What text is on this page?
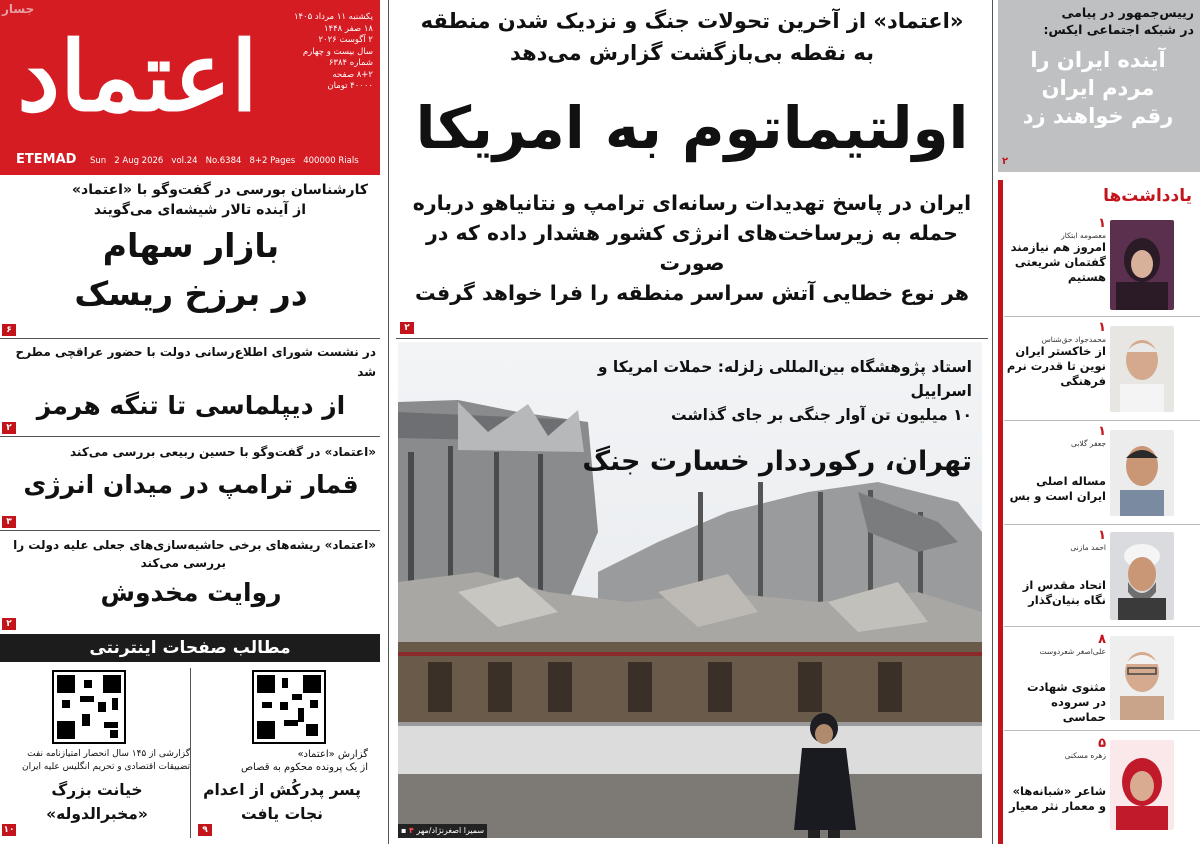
جسار
اعتماد
یکشنبه ۱۱ مرداد ۱۴۰۵
۱۸ صفر ۱۴۴۸
۲ آگوست ۲۰۲۶
سال بیست و چهارم
شماره ۶۳۸۴
۸+۲ صفحه
۴۰۰۰۰ تومان
ETEMAD Sun   2 Aug 2026   vol.24   No.6384   8+2 Pages   400000 Rials
کارشناسان بورسی در گفت‌وگو با «اعتماد»
از آینده تالار شیشه‌ای می‌گویند
بازار سهام
در برزخ ریسک
۶
در نشست شورای اطلاع‌رسانی دولت با حضور عراقچی مطرح شد
از دیپلماسی تا تنگه هرمز
۲
«اعتماد» در گفت‌وگو با حسین ربیعی بررسی می‌کند
قمار ترامپ در میدان انرژی
۳
«اعتماد» ریشه‌های برخی حاشیه‌سازی‌های جعلی علیه دولت را
بررسی می‌کند
روایت مخدوش
۲
مطالب صفحات اینترنتی
گزارش «اعتماد»
از یک پرونده محکوم به قصاص
پسر پدرکُش از اعدام
نجات یافت
۹
گزارشی از ۱۴۵ سال انحصار امتیازنامه نفت
تضییقات اقتصادی و تحریم انگلیس علیه ایران
خیانت بزرگ
«مخبرالدوله»
۱۰
«اعتماد» از آخرین تحولات جنگ و نزدیک شدن منطقه
به نقطه بی‌بازگشت گزارش می‌دهد
اولتیماتوم به امریکا
ایران در پاسخ تهدیدات رسانه‌ای ترامپ و نتانیاهو درباره
حمله به زیرساخت‌های انرژی کشور هشدار داده که در صورت
هر نوع خطایی آتش سراسر منطقه را فرا خواهد گرفت
۲
استاد پژوهشگاه بین‌المللی زلزله: حملات امریکا و اسراییل
۱۰ میلیون تن آوار جنگی بر جای گذاشت
تهران، رکورددار خسارت جنگ
▪ سمیرا اصغرنژاد/مهر ۴
رییس‌جمهور در پیامی
در شبکه اجتماعی ایکس:
آینده ایران را
مردم ایران
رقم خواهند زد
۲
یادداشت‌ها
۱
معصومه ابتکار
امروز هم نیازمند
گفتمان شریعتی
هستیم
۱
محمدجواد حق‌شناس
از خاکستر ایران
نوین تا قدرت نرم
فرهنگی
۱
جعفر گلابی
مساله اصلی
ایران است و بس
۱
احمد مازنی
اتحاد مقدس از
نگاه بنیان‌گذار
۸
علی‌اصغر شعردوست
مثنوی شهادت
در سروده حماسی
۵
زهره مسکنی
شاعر «شبانه‌ها»
و معمار نثر معیار
